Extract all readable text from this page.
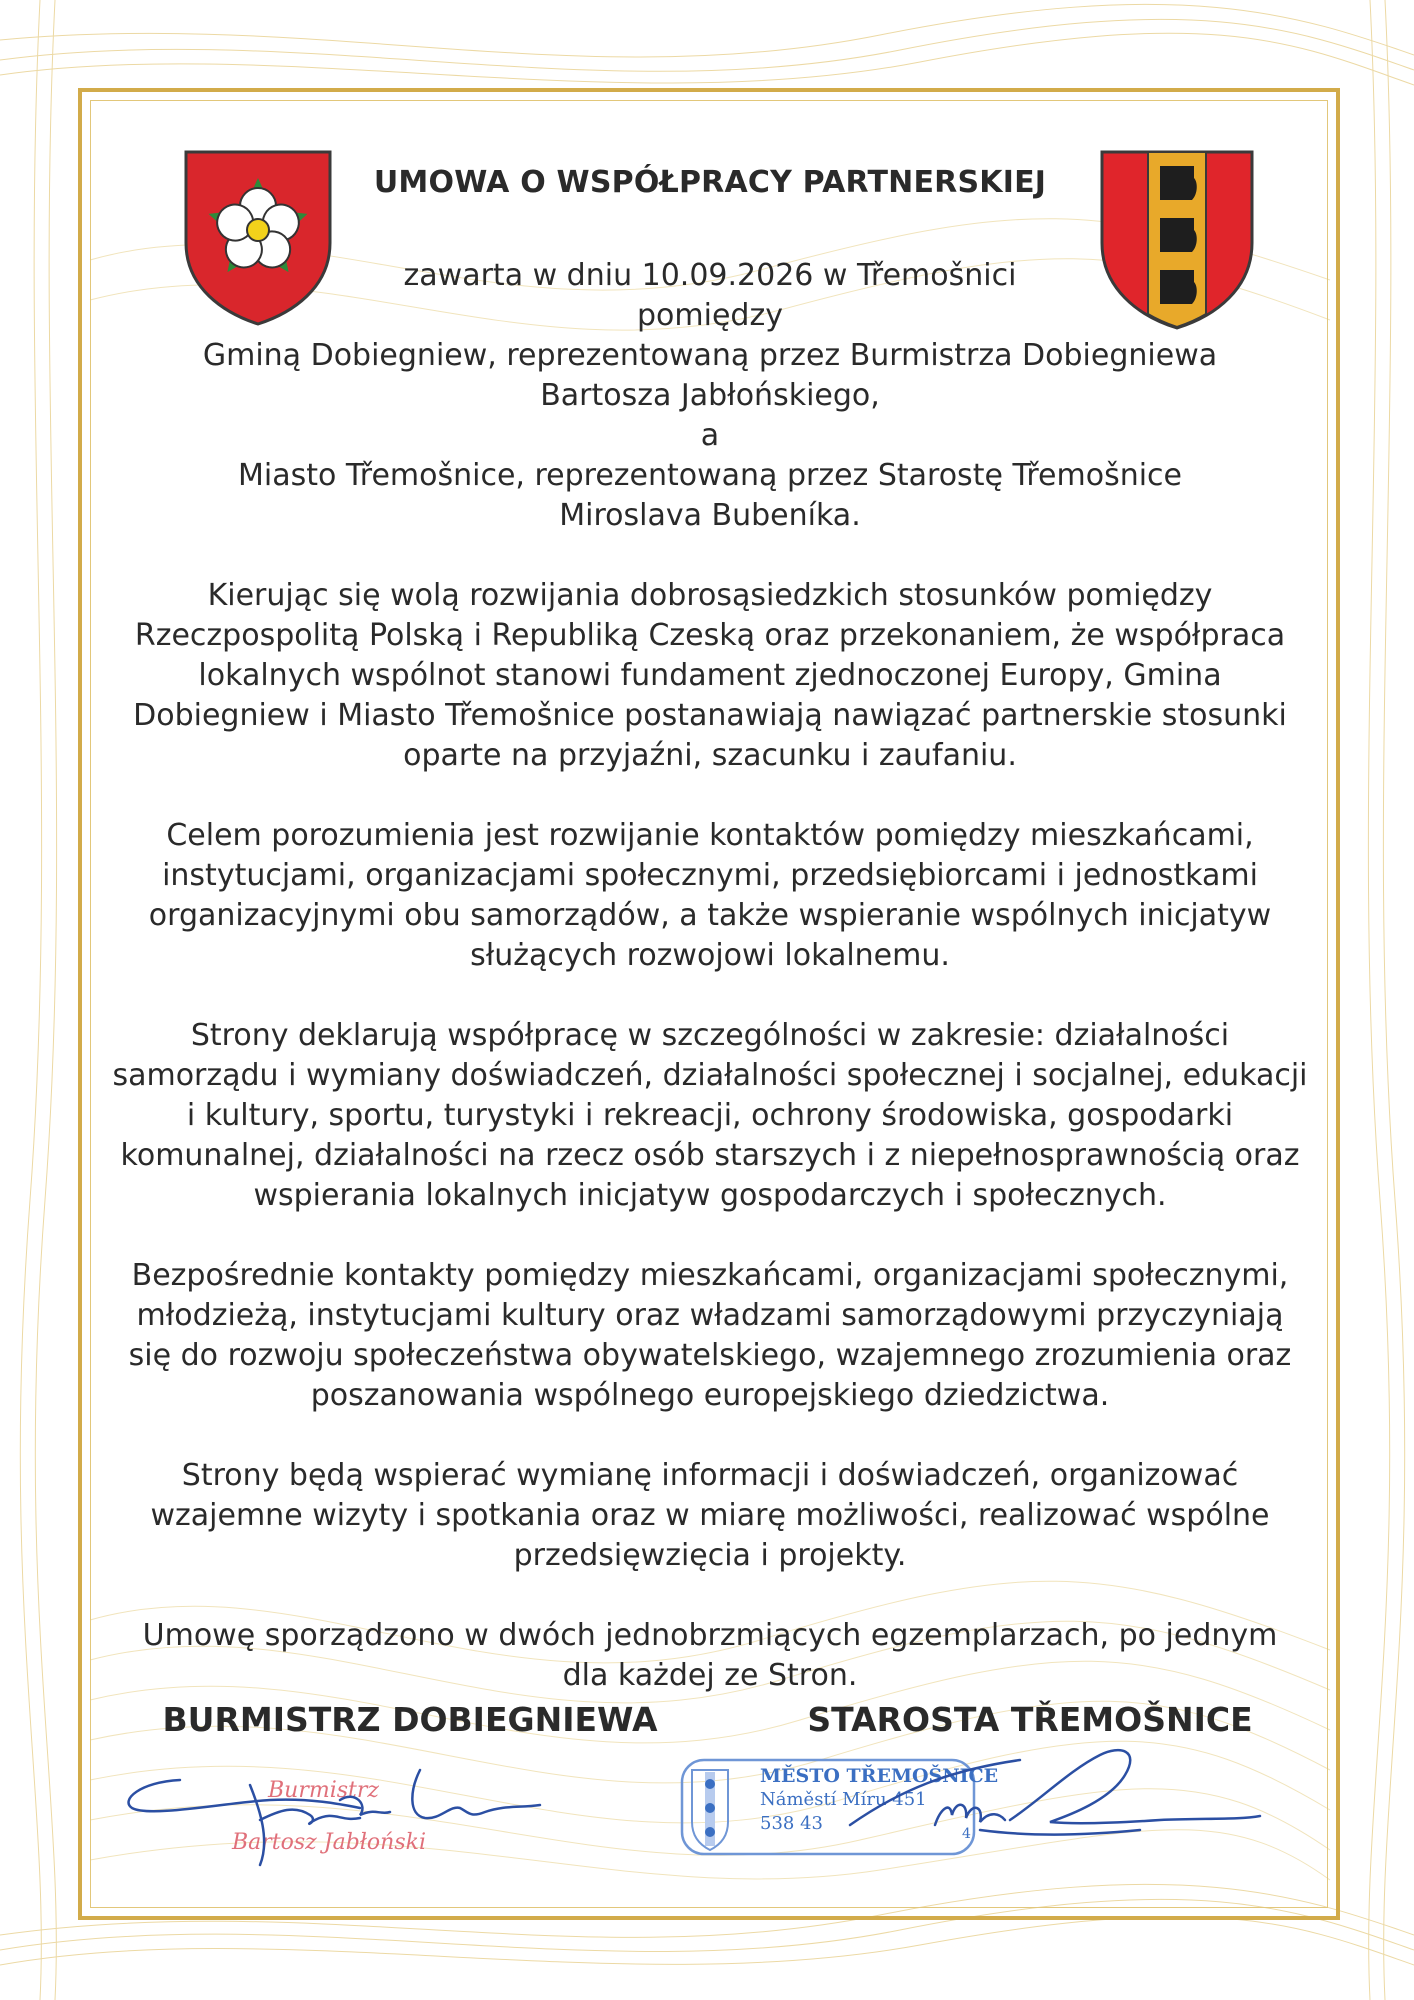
UMOWA O WSPÓŁPRACY PARTNERSKIEJ
zawarta w dniu 10.09.2026 w Třemošnici
pomiędzy
Gminą Dobiegniew, reprezentowaną przez Burmistrza Dobiegniewa
Bartosza Jabłońskiego,
a
Miasto Třemošnice, reprezentowaną przez Starostę Třemošnice
Miroslava Bubeníka.
Kierując się wolą rozwijania dobrosąsiedzkich stosunków pomiędzy
Rzeczpospolitą Polską i Republiką Czeską oraz przekonaniem, że współpraca
lokalnych wspólnot stanowi fundament zjednoczonej Europy, Gmina
Dobiegniew i Miasto Třemošnice postanawiają nawiązać partnerskie stosunki
oparte na przyjaźni, szacunku i zaufaniu.
Celem porozumienia jest rozwijanie kontaktów pomiędzy mieszkańcami,
instytucjami, organizacjami społecznymi, przedsiębiorcami i jednostkami
organizacyjnymi obu samorządów, a także wspieranie wspólnych inicjatyw
służących rozwojowi lokalnemu.
Strony deklarują współpracę w szczególności w zakresie: działalności
samorządu i wymiany doświadczeń, działalności społecznej i socjalnej, edukacji
i kultury, sportu, turystyki i rekreacji, ochrony środowiska, gospodarki
komunalnej, działalności na rzecz osób starszych i z niepełnosprawnością oraz
wspierania lokalnych inicjatyw gospodarczych i społecznych.
Bezpośrednie kontakty pomiędzy mieszkańcami, organizacjami społecznymi,
młodzieżą, instytucjami kultury oraz władzami samorządowymi przyczyniają
się do rozwoju społeczeństwa obywatelskiego, wzajemnego zrozumienia oraz
poszanowania wspólnego europejskiego dziedzictwa.
Strony będą wspierać wymianę informacji i doświadczeń, organizować
wzajemne wizyty i spotkania oraz w miarę możliwości, realizować wspólne
przedsięwzięcia i projekty.
Umowę sporządzono w dwóch jednobrzmiących egzemplarzach, po jednym
dla każdej ze Stron.
BURMISTRZ DOBIEGNIEWA	STAROSTA TŘEMOŠNICE
Burmistrz
Bartosz Jabłoński
MĚSTO TŘEMOŠNICE
Náměstí Míru 451
538 43	4
